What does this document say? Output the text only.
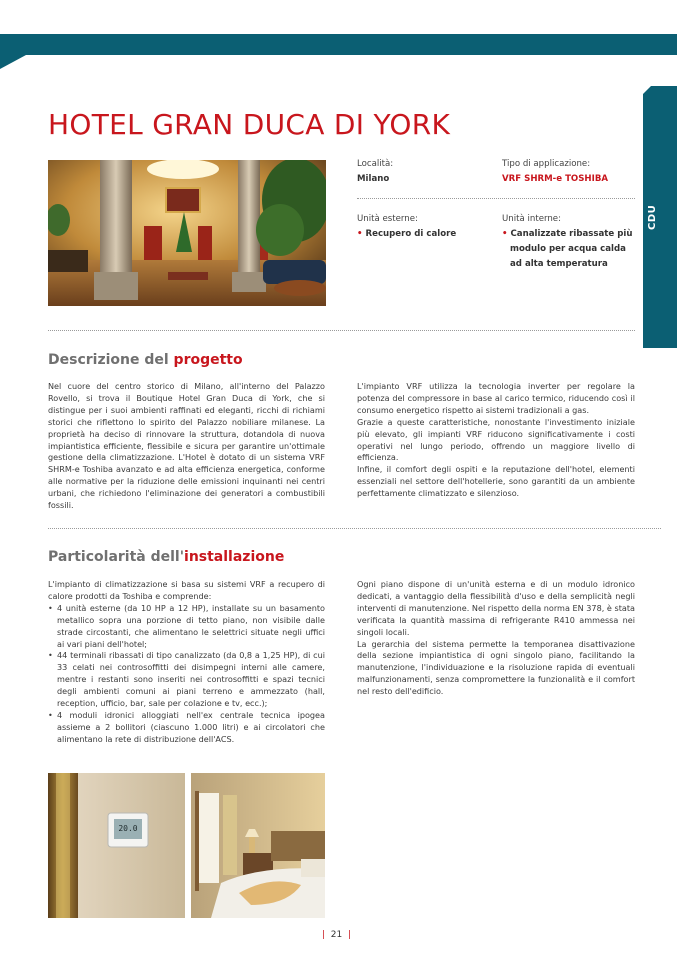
CDU
HOTEL GRAN DUCA DI YORK
Località:
Milano
Tipo di applicazione:
VRF SHRM-e TOSHIBA
Unità esterne:
• Recupero di calore
Unità interne:
• Canalizzate ribassate più
modulo per acqua calda
ad alta temperatura
Descrizione del progetto

Nel cuore del centro storico di Milano, all'interno del Palazzo Rovello, si trova il Boutique Hotel Gran Duca di York, che si distingue per i suoi ambienti raffinati ed eleganti, ricchi di richiami storici che riflettono lo spirito del Palazzo nobiliare milanese. La proprietà ha deciso di rinnovare la struttura, dotandola di nuova impiantistica efficiente, flessibile e sicura per garantire un'ottimale gestione della climatizzazione. L'Hotel è dotato di un sistema VRF SHRM-e Toshiba avanzato e ad alta efficienza energetica, conforme alle normative per la riduzione delle emissioni inquinanti nei centri urbani, che richiedono l'eliminazione dei generatori a combustibili fossili.

L'impianto VRF utilizza la tecnologia inverter per regolare la potenza del compressore in base al carico termico, riducendo così il consumo energetico rispetto ai sistemi tradizionali a gas.

Grazie a queste caratteristiche, nonostante l'investimento iniziale più elevato, gli impianti VRF riducono significativamente i costi operativi nel lungo periodo, offrendo un maggiore livello di efficienza.

Infine, il comfort degli ospiti e la reputazione dell'hotel, elementi essenziali nel settore dell'hotellerie, sono garantiti da un ambiente perfettamente climatizzato e silenzioso.

Particolarità dell'installazione

L'impianto di climatizzazione si basa su sistemi VRF a recupero di calore prodotti da Toshiba e comprende:

• 4 unità esterne (da 10 HP a 12 HP), installate su un basamento metallico sopra una porzione di tetto piano, non visibile dalle strade circostanti, che alimentano le selettrici situate negli uffici ai vari piani dell'hotel;
• 44 terminali ribassati di tipo canalizzato (da 0,8 a 1,25 HP), di cui 33 celati nei controsoffitti dei disimpegni interni alle camere, mentre i restanti sono inseriti nei controsoffitti e spazi tecnici degli ambienti comuni ai piani terreno e ammezzato (hall, reception, ufficio, bar, sale per colazione e tv, ecc.);
• 4 moduli idronici alloggiati nell'ex centrale tecnica ipogea assieme a 2 bollitori (ciascuno 1.000 litri) e ai circolatori che alimentano la rete di distribuzione dell'ACS.

Ogni piano dispone di un'unità esterna e di un modulo idronico dedicati, a vantaggio della flessibilità d'uso e della semplicità negli interventi di manutenzione. Nel rispetto della norma EN 378, è stata verificata la quantità massima di refrigerante R410 ammessa nei singoli locali.

La gerarchia del sistema permette la temporanea disattivazione della sezione impiantistica di ogni singolo piano, facilitando la manutenzione, l'individuazione e la risoluzione rapida di eventuali malfunzionamenti, senza compromettere la funzionalità e il comfort nel resto dell'edificio.

20.0
| 21 |
